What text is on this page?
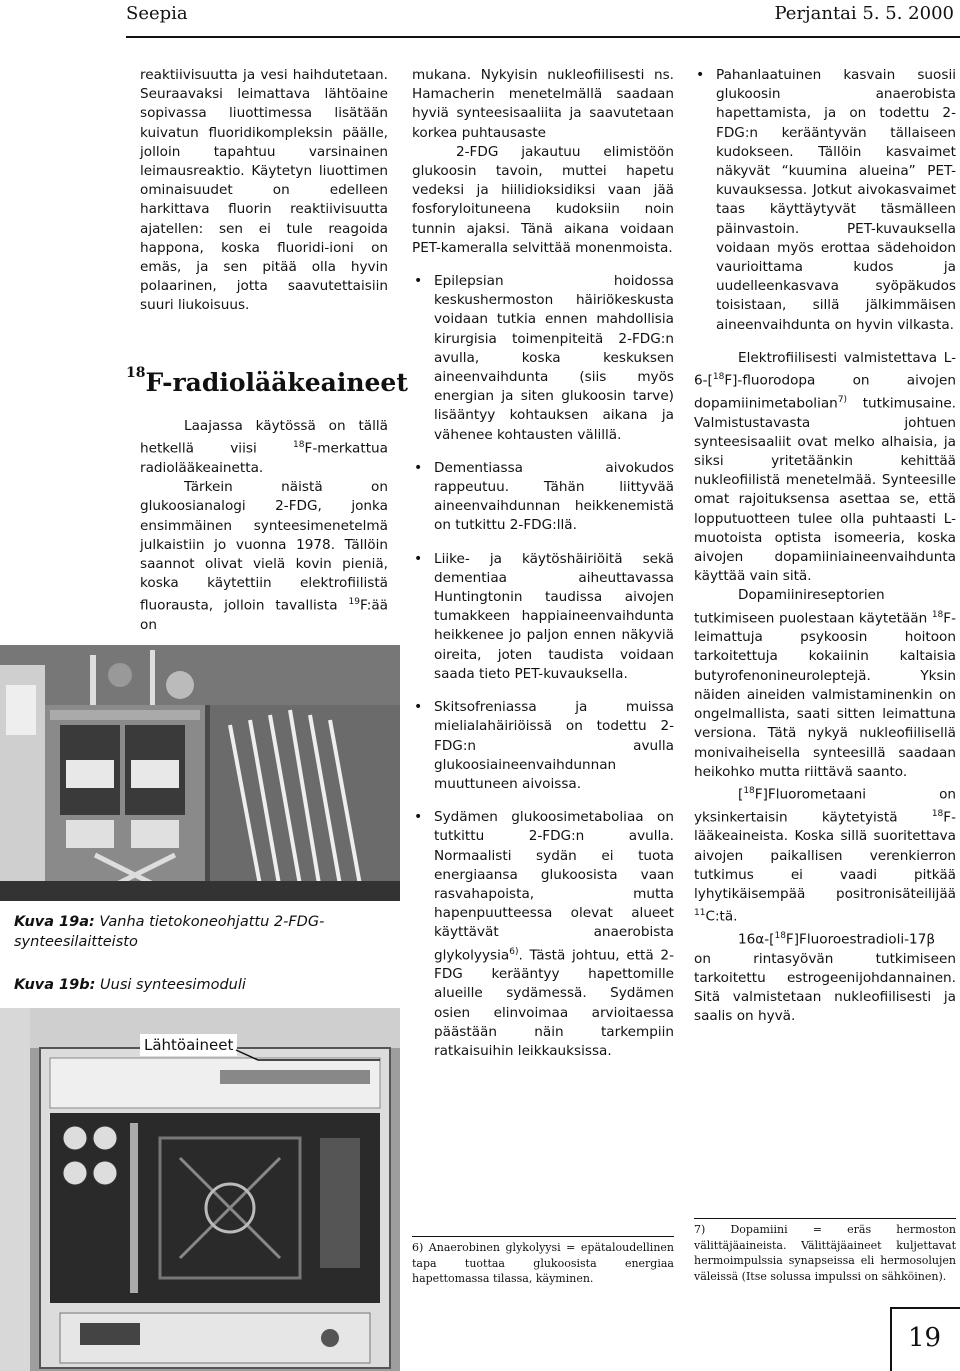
Seepia	Perjantai 5. 5. 2000

reaktiivisuutta ja vesi haihdutetaan. Seuraavaksi leimattava lähtöaine sopivassa liuottimessa lisätään kuivatun fluoridikompleksin päälle, jolloin tapahtuu varsinainen leimausreaktio. Käytetyn liuottimen ominaisuudet on edelleen harkittava fluorin reaktiivisuutta ajatellen: sen ei tule reagoida happona, koska fluoridi-ioni on emäs, ja sen pitää olla hyvin polaarinen, jotta saavutettaisiin suuri liukoisuus.

$^{18}$F-radiolääkeaineet

Laajassa käytössä on tällä hetkellä viisi $^{18}$F-merkattua radiolääkeainetta.

Tärkein näistä on glukoosianalogi 2-FDG, jonka ensimmäinen synteesimenetelmä julkaistiin jo vuonna 1978. Tällöin saannot olivat vielä kovin pieniä, koska käytettiin elektrofiilistä fluorausta, jolloin tavallista $^{19}$F:ää on

Kuva 19a: Vanha tietokoneohjattu 2-FDG-synteesilaitteisto
Kuva 19b: Uusi synteesimoduli
Lähtöaineet

mukana. Nykyisin nukleofiilisesti ns. Hamacherin menetelmällä saadaan hyviä synteesisaaliita ja saavutetaan korkea puhtausaste

2-FDG jakautuu elimistöön glukoosin tavoin, muttei hapetu vedeksi ja hiilidioksidiksi vaan jää fosforyloituneena kudoksiin noin tunnin ajaksi. Tänä aikana voidaan PET-kameralla selvittää monenmoista.

• Epilepsian hoidossa keskushermoston häiriökeskusta voidaan tutkia ennen mahdollisia kirurgisia toimenpiteitä 2-FDG:n avulla, koska keskuksen aineenvaihdunta (siis myös energian ja siten glukoosin tarve) lisääntyy kohtauksen aikana ja vähenee kohtausten välillä.
• Dementiassa aivokudos rappeutuu. Tähän liittyvää aineenvaihdunnan heikkenemistä on tutkittu 2-FDG:llä.
• Liike- ja käytöshäiriöitä sekä dementiaa aiheuttavassa Huntingtonin taudissa aivojen tumakkeen happiaineenvaihdunta heikkenee jo paljon ennen näkyviä oireita, joten taudista voidaan saada tieto PET-kuvauksella.
• Skitsofreniassa ja muissa mielialahäiriöissä on todettu 2-FDG:n avulla glukoosiaineenvaihdunnan muuttuneen aivoissa.
• Sydämen glukoosimetaboliaa on tutkittu 2-FDG:n avulla. Normaalisti sydän ei tuota energiaansa glukoosista vaan rasvahapoista, mutta hapenpuutteessa olevat alueet käyttävät anaerobista glykolyysia$^{6)}$. Tästä johtuu, että 2-FDG kerääntyy hapettomille alueille sydämessä. Sydämen osien elinvoimaa arvioitaessa päästään näin tarkempiin ratkaisuihin leikkauksissa.
6) Anaerobinen glykolyysi = epätaloudellinen tapa tuottaa glukoosista energiaa hapettomassa tilassa, käyminen.
• Pahanlaatuinen kasvain suosii glukoosin anaerobista hapettamista, ja on todettu 2-FDG:n kerääntyvän tällaiseen kudokseen. Tällöin kasvaimet näkyvät “kuumina alueina” PET-kuvauksessa. Jotkut aivokasvaimet taas käyttäytyvät täsmälleen päinvastoin. PET-kuvauksella voidaan myös erottaa sädehoidon vaurioittama kudos ja uudelleenkasvava syöpäkudos toisistaan, sillä jälkimmäisen aineenvaihdunta on hyvin vilkasta.

Elektrofiilisesti valmistettava L-6-[$^{18}$F]-fluorodopa on aivojen dopamiinimetabolian$^{7)}$ tutkimusaine. Valmistustavasta johtuen synteesisaaliit ovat melko alhaisia, ja siksi yritetäänkin kehittää nukleofiilistä menetelmää. Synteesille omat rajoituksensa asettaa se, että lopputuotteen tulee olla puhtaasti L-muotoista optista isomeeria, koska aivojen dopamiiniaineenvaihdunta käyttää vain sitä.

Dopamiinireseptorien tutkimiseen puolestaan käytetään $^{18}$F-leimattuja psykoosin hoitoon tarkoitettuja kokaiinin kaltaisia butyrofenonineuroleptejä. Yksin näiden aineiden valmistaminenkin on ongelmallista, saati sitten leimattuna versiona. Tätä nykyä nukleofiilisellä monivaiheisella synteesillä saadaan heikohko mutta riittävä saanto.

[$^{18}$F]Fluorometaani on yksinkertaisin käytetyistä $^{18}$F-lääkeaineista. Koska sillä suoritettava aivojen paikallisen verenkierron tutkimus ei vaadi pitkää lyhytikäisempää positronisäteilijää $^{11}$C:tä.

16α-[$^{18}$F]Fluoroestradioli-17β on rintasyövän tutkimiseen tarkoitettu estrogeenijohdannainen. Sitä valmistetaan nukleofiilisesti ja saalis on hyvä.

7) Dopamiini = eräs hermoston välittäjäaineista. Välittäjäaineet kuljettavat hermoimpulssia synapseissa eli hermosolujen väleissä (Itse solussa impulssi on sähköinen).
19
